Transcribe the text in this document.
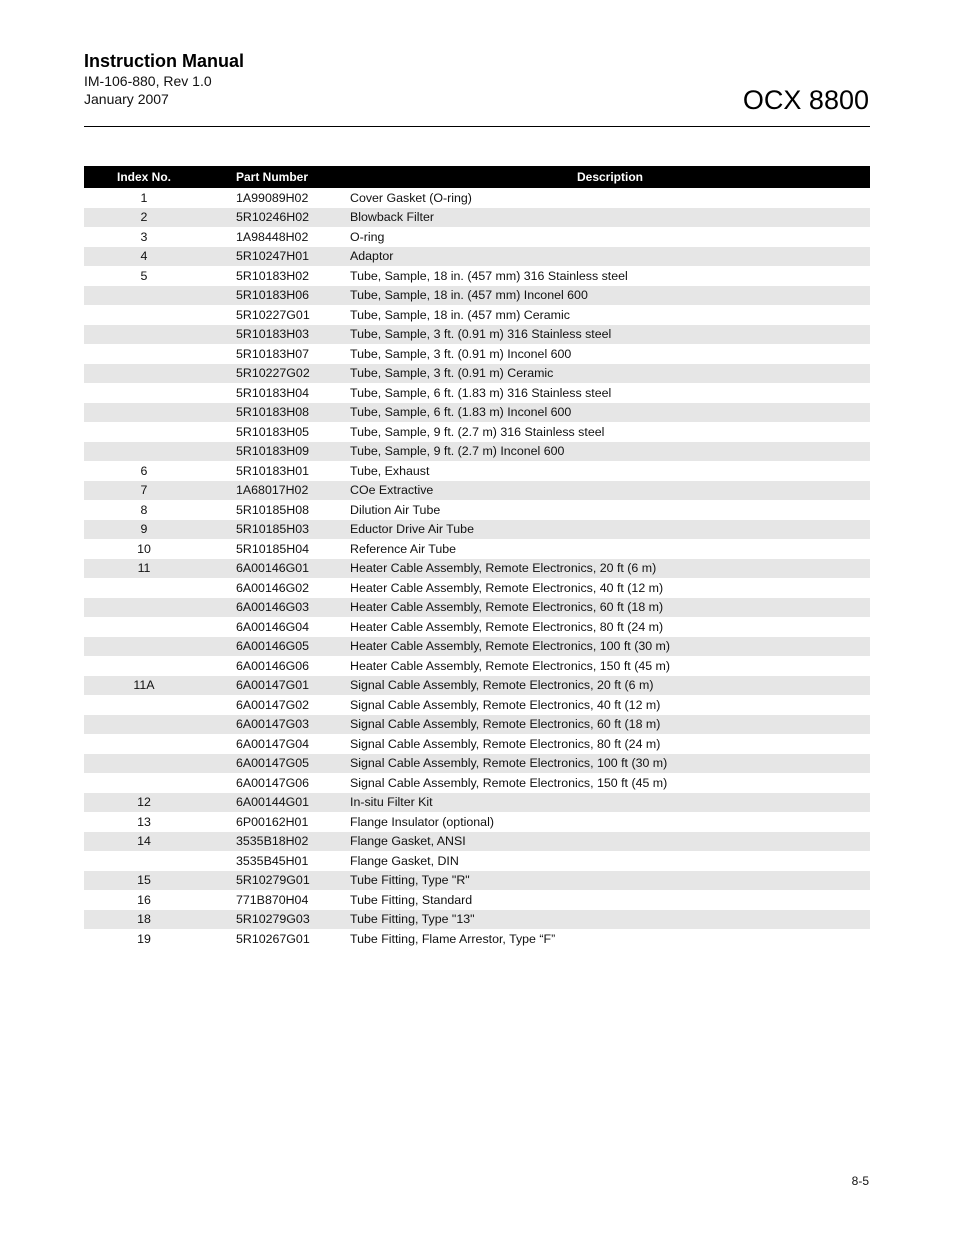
Instruction Manual
IM-106-880, Rev 1.0
January 2007	OCX 8800
Index No.	Part Number	Description
1	1A99089H02	Cover Gasket (O-ring)
2	5R10246H02	Blowback Filter
3	1A98448H02	O-ring
4	5R10247H01	Adaptor
5	5R10183H02	Tube, Sample, 18 in. (457 mm) 316 Stainless steel
	5R10183H06	Tube, Sample, 18 in. (457 mm) Inconel 600
	5R10227G01	Tube, Sample, 18 in. (457 mm) Ceramic
	5R10183H03	Tube, Sample, 3 ft. (0.91 m) 316 Stainless steel
	5R10183H07	Tube, Sample, 3 ft. (0.91 m) Inconel 600
	5R10227G02	Tube, Sample, 3 ft. (0.91 m) Ceramic
	5R10183H04	Tube, Sample, 6 ft. (1.83 m) 316 Stainless steel
	5R10183H08	Tube, Sample, 6 ft. (1.83 m) Inconel 600
	5R10183H05	Tube, Sample, 9 ft. (2.7 m) 316 Stainless steel
	5R10183H09	Tube, Sample, 9 ft. (2.7 m) Inconel 600
6	5R10183H01	Tube, Exhaust
7	1A68017H02	COe Extractive
8	5R10185H08	Dilution Air Tube
9	5R10185H03	Eductor Drive Air Tube
10	5R10185H04	Reference Air Tube
11	6A00146G01	Heater Cable Assembly, Remote Electronics, 20 ft (6 m)
	6A00146G02	Heater Cable Assembly, Remote Electronics, 40 ft (12 m)
	6A00146G03	Heater Cable Assembly, Remote Electronics, 60 ft (18 m)
	6A00146G04	Heater Cable Assembly, Remote Electronics, 80 ft (24 m)
	6A00146G05	Heater Cable Assembly, Remote Electronics, 100 ft (30 m)
	6A00146G06	Heater Cable Assembly, Remote Electronics, 150 ft (45 m)
11A	6A00147G01	Signal Cable Assembly, Remote Electronics, 20 ft (6 m)
	6A00147G02	Signal Cable Assembly, Remote Electronics, 40 ft (12 m)
	6A00147G03	Signal Cable Assembly, Remote Electronics, 60 ft (18 m)
	6A00147G04	Signal Cable Assembly, Remote Electronics, 80 ft (24 m)
	6A00147G05	Signal Cable Assembly, Remote Electronics, 100 ft (30 m)
	6A00147G06	Signal Cable Assembly, Remote Electronics, 150 ft (45 m)
12	6A00144G01	In-situ Filter Kit
13	6P00162H01	Flange Insulator (optional)
14	3535B18H02	Flange Gasket, ANSI
	3535B45H01	Flange Gasket, DIN
15	5R10279G01	Tube Fitting, Type "R"
16	771B870H04	Tube Fitting, Standard
18	5R10279G03	Tube Fitting, Type "13"
19	5R10267G01	Tube Fitting, Flame Arrestor, Type “F”
8-5
